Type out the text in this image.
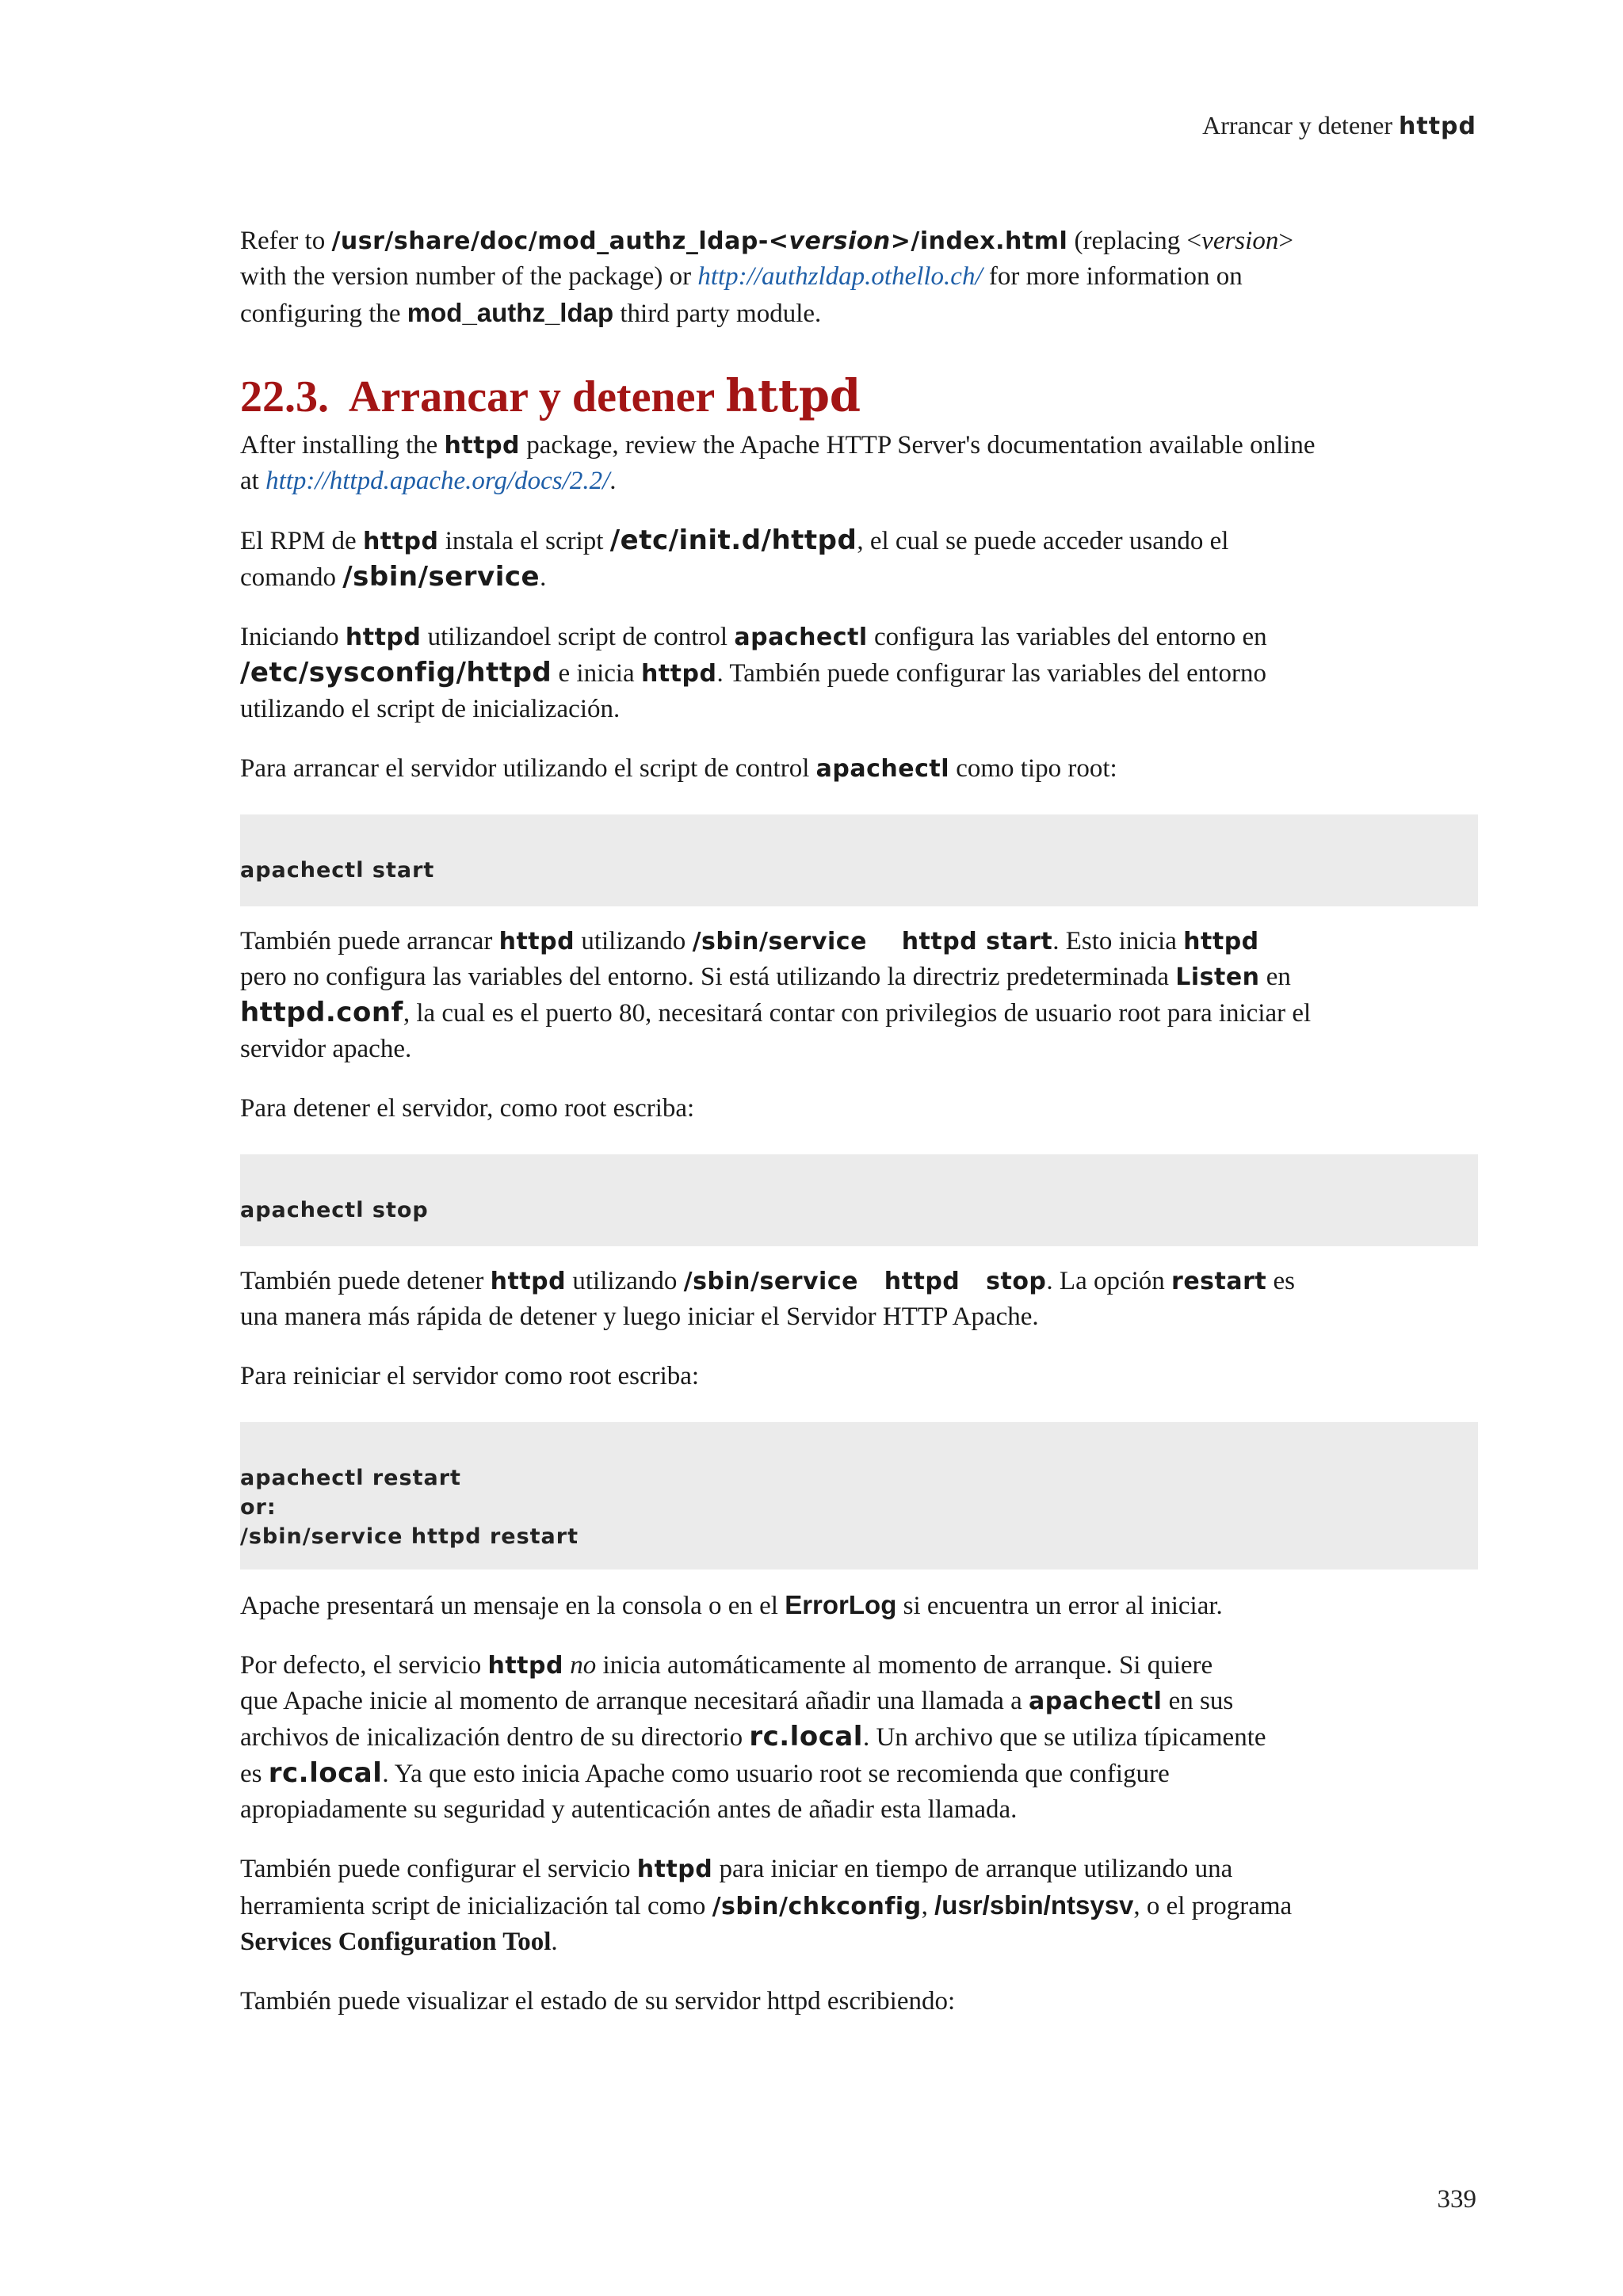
Arrancar y detener httpd

Refer to /usr/share/doc/mod_authz_ldap-<version>/index.html (replacing <version>
with the version number of the package) or http://authzldap.othello.ch/ for more information on
configuring the mod_authz_ldap third party module.

22.3. Arrancar y detener httpd

After installing the httpd package, review the Apache HTTP Server's documentation available online
at http://httpd.apache.org/docs/2.2/.

El RPM de httpd instala el script /etc/init.d/httpd, el cual se puede acceder usando el
comando /sbin/service.

Iniciando httpd utilizandoel script de control apachectl configura las variables del entorno en
/etc/sysconfig/httpd e inicia httpd. También puede configurar las variables del entorno
utilizando el script de inicialización.

Para arrancar el servidor utilizando el script de control apachectl como tipo root:

apachectl start

También puede arrancar httpd utilizando /sbin/service    httpd start. Esto inicia httpd
pero no configura las variables del entorno. Si está utilizando la directriz predeterminada Listen en
httpd.conf, la cual es el puerto 80, necesitará contar con privilegios de usuario root para iniciar el
servidor apache.

Para detener el servidor, como root escriba:

apachectl stop

También puede detener httpd utilizando /sbin/service   httpd   stop. La opción restart es
una manera más rápida de detener y luego iniciar el Servidor HTTP Apache.

Para reiniciar el servidor como root escriba:

apachectl restart
or:
/sbin/service httpd restart

Apache presentará un mensaje en la consola o en el ErrorLog si encuentra un error al iniciar.

Por defecto, el servicio httpd no inicia automáticamente al momento de arranque. Si quiere
que Apache inicie al momento de arranque necesitará añadir una llamada a apachectl en sus
archivos de inicalización dentro de su directorio rc.local. Un archivo que se utiliza típicamente
es rc.local. Ya que esto inicia Apache como usuario root se recomienda que configure
apropiadamente su seguridad y autenticación antes de añadir esta llamada.

También puede configurar el servicio httpd para iniciar en tiempo de arranque utilizando una
herramienta script de inicialización tal como /sbin/chkconfig, /usr/sbin/ntsysv, o el programa
Services Configuration Tool.

También puede visualizar el estado de su servidor httpd escribiendo:

339
